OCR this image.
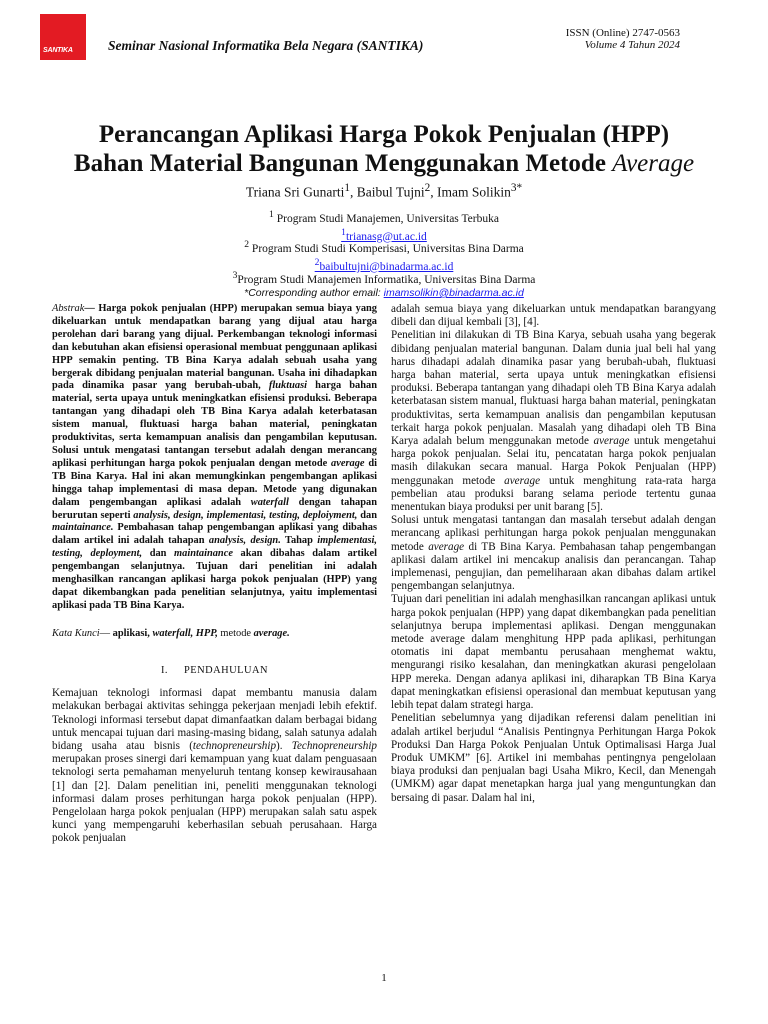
SANTIKA	Seminar Nasional Informatika Bela Negara (SANTIKA)
ISSN (Online) 2747-0563
Volume 4 Tahun 2024
Perancangan Aplikasi Harga Pokok Penjualan (HPP)
Bahan Material Bangunan Menggunakan Metode Average
Triana Sri Gunarti$^1$, Baibul Tujni$^2$, Imam Solikin$^{3*}$
$^1$ Program Studi Manajemen, Universitas Terbuka
$^1$trianasg@ut.ac.id
$^2$ Program Studi Studi Komperisasi, Universitas Bina Darma
$^2$baibultujni@binadarma.ac.id
$^3$Program Studi Manajemen Informatika, Universitas Bina Darma
*Corresponding author email: imamsolikin@binadarma.ac.id

Abstrak— Harga pokok penjualan (HPP) merupakan semua biaya yang dikeluarkan untuk mendapatkan barang yang dijual atau harga perolehan dari barang yang dijual. Perkembangan teknologi informasi dan kebutuhan akan efisiensi operasional membuat penggunaan aplikasi HPP semakin penting. TB Bina Karya adalah sebuah usaha yang bergerak dibidang penjualan material bangunan. Usaha ini dihadapkan pada dinamika pasar yang berubah-ubah, fluktuasi harga bahan material, serta upaya untuk meningkatkan efisiensi produksi. Beberapa tantangan yang dihadapi oleh TB Bina Karya adalah keterbatasan sistem manual, fluktuasi harga bahan material, peningkatan produktivitas, serta kemampuan analisis dan pengambilan keputusan. Solusi untuk mengatasi tantangan tersebut adalah dengan merancang aplikasi perhitungan harga pokok penjualan dengan metode average di TB Bina Karya. Hal ini akan memungkinkan pengembangan aplikasi hingga tahap implementasi di masa depan. Metode yang digunakan dalam pengembangan aplikasi adalah waterfall dengan tahapan berurutan seperti analysis, design, implementasi, testing, deploiyment, dan maintainance. Pembahasan tahap pengembangan aplikasi yang dibahas dalam artikel ini adalah tahapan analysis, design. Tahap implementasi, testing, deployment, dan maintainance akan dibahas dalam artikel pengembangan selanjutnya. Tujuan dari penelitian ini adalah menghasilkan rancangan aplikasi harga pokok penjualan (HPP) yang dapat dikembangkan pada penelitian selanjutnya, yaitu implementasi aplikasi pada TB Bina Karya.

Kata Kunci— aplikasi, waterfall, HPP, metode average.

I. PENDAHULUAN

Kemajuan teknologi informasi dapat membantu manusia dalam melakukan berbagai aktivitas sehingga pekerjaan menjadi lebih efektif. Teknologi informasi tersebut dapat dimanfaatkan dalam berbagai bidang untuk mencapai tujuan dari masing-masing bidang, salah satunya adalah bidang usaha atau bisnis (technopreneurship). Technopreneurship merupakan proses sinergi dari kemampuan yang kuat dalam penguasaan teknologi serta pemahaman menyeluruh tentang konsep kewirausahaan [1] dan [2]. Dalam penelitian ini, peneliti menggunakan teknologi informasi dalam proses perhitungan harga pokok penjualan (HPP). Pengelolaan harga pokok penjualan (HPP) merupakan salah satu aspek kunci yang mempengaruhi keberhasilan sebuah perusahaan. Harga pokok penjualan

adalah semua biaya yang dikeluarkan untuk mendapatkan barangyang dibeli dan dijual kembali [3], [4].

Penelitian ini dilakukan di TB Bina Karya, sebuah usaha yang begerak dibidang penjualan material bangunan. Dalam dunia jual beli hal yang harus dihadapi adalah dinamika pasar yang berubah-ubah, fluktuasi harga bahan material, serta upaya untuk meningkatkan efisiensi produksi. Beberapa tantangan yang dihadapi oleh TB Bina Karya adalah keterbatasan sistem manual, fluktuasi harga bahan material, peningkatan produktivitas, serta kemampuan analisis dan pengambilan keputusan terkait harga pokok penjualan. Masalah yang dihadapi oleh TB Bina Karya adalah belum menggunakan metode average untuk mengetahui harga pokok penjualan. Selai itu, pencatatan harga pokok penjualan masih dilakukan secara manual. Harga Pokok Penjualan (HPP) menggunakan metode average untuk menghitung rata-rata harga pembelian atau produksi barang selama periode tertentu gunaa menentukan biaya produksi per unit barang [5].

Solusi untuk mengatasi tantangan dan masalah tersebut adalah dengan merancang aplikasi perhitungan harga pokok penjualan menggunakan metode average di TB Bina Karya. Pembahasan tahap pengembangan aplikasi dalam artikel ini mencakup analisis dan perancangan. Tahap implemenasi, pengujian, dan pemeliharaan akan dibahas dalam artikel pengembangan selanjutnya.

Tujuan dari penelitian ini adalah menghasilkan rancangan aplikasi untuk harga pokok penjualan (HPP) yang dapat dikembangkan pada penelitian selanjutnya berupa implementasi aplikasi. Dengan menggunakan metode average dalam menghitung HPP pada aplikasi, perhitungan otomatis ini dapat membantu perusahaan menghemat waktu, mengurangi risiko kesalahan, dan meningkatkan akurasi pengelolaan HPP mereka. Dengan adanya aplikasi ini, diharapkan TB Bina Karya dapat meningkatkan efisiensi operasional dan membuat keputusan yang lebih tepat dalam strategi harga.

Penelitian sebelumnya yang dijadikan referensi dalam penelitian ini adalah artikel berjudul “Analisis Pentingnya Perhitungan Harga Pokok Produksi Dan Harga Pokok Penjualan Untuk Optimalisasi Harga Jual Produk UMKM” [6]. Artikel ini membahas pentingnya pengelolaan biaya produksi dan penjualan bagi Usaha Mikro, Kecil, dan Menengah (UMKM) agar dapat menetapkan harga jual yang menguntungkan dan bersaing di pasar. Dalam hal ini,

1
